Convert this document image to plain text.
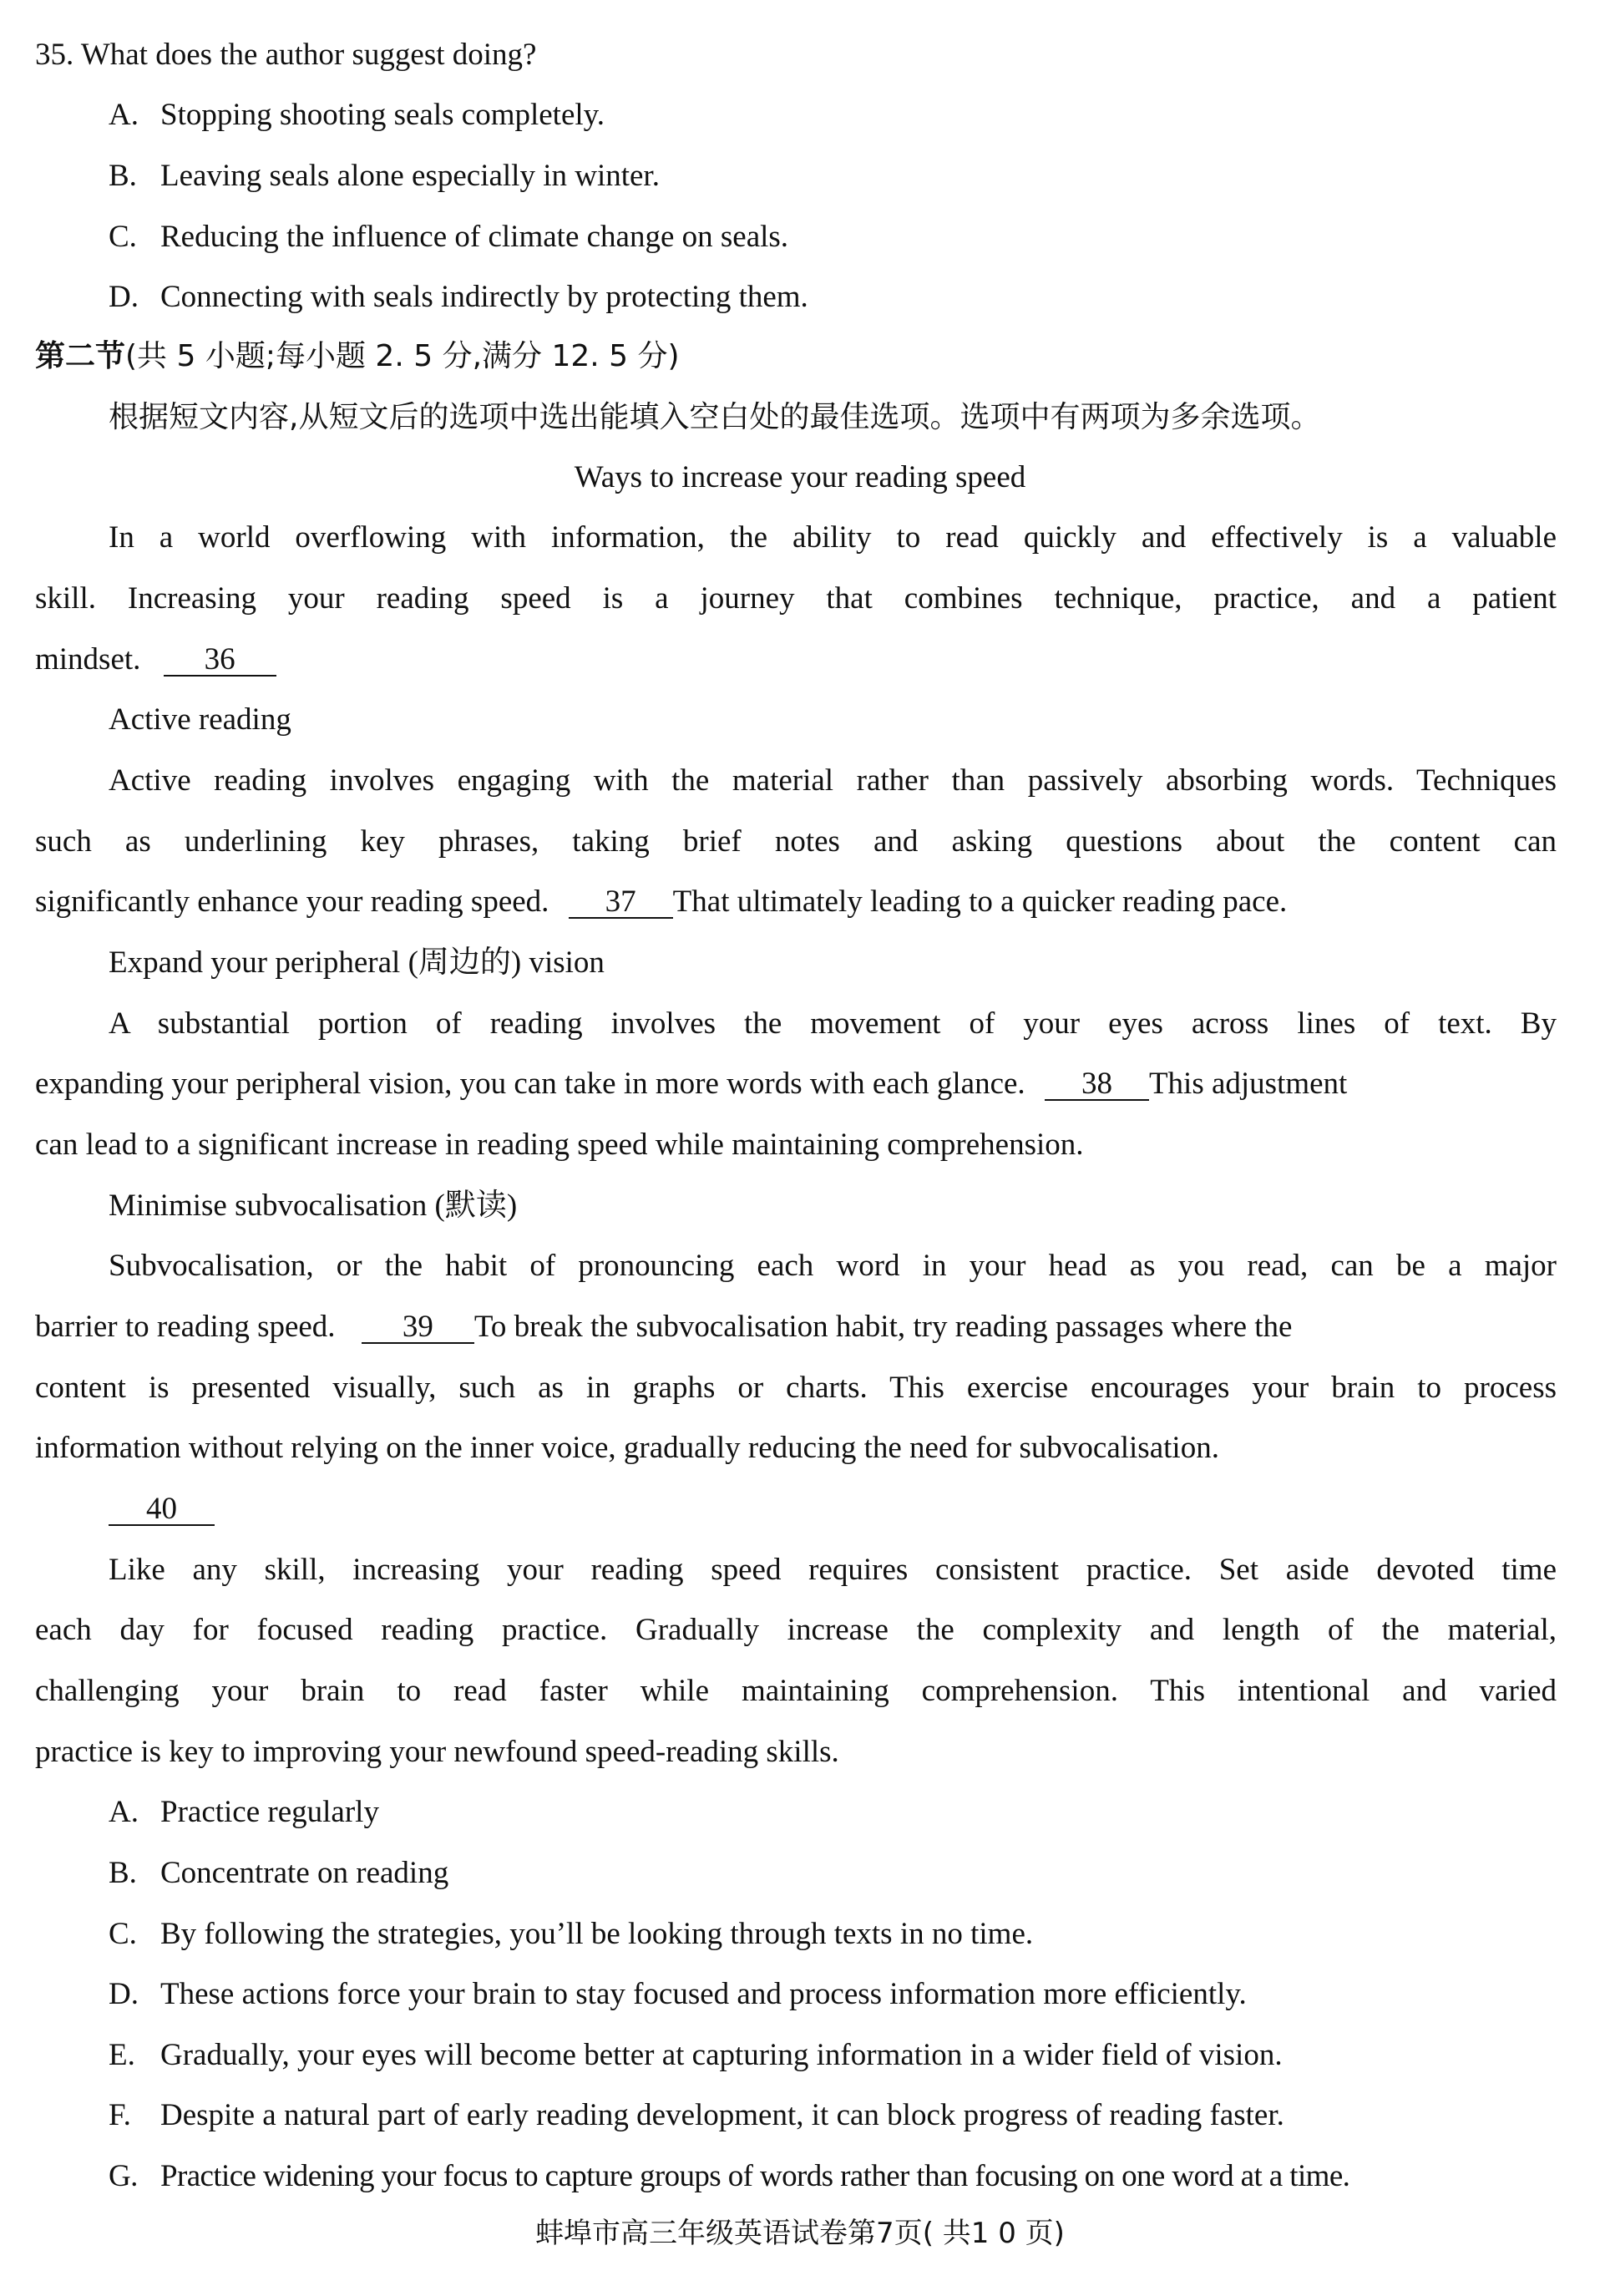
35. What does the author suggest doing?
A. Stopping shooting seals completely.
B. Leaving seals alone especially in winter.
C. Reducing the influence of climate change on seals.
D. Connecting with seals indirectly by protecting them.
第二节(共 5 小题;每小题 2. 5 分,满分 12. 5 分)
根据短文内容,从短文后的选项中选出能填入空白处的最佳选项。选项中有两项为多余选项。
Ways to increase your reading speed
In a world overflowing with information, the ability to read quickly and effectively is a valuable
skill. Increasing your reading speed is a journey that combines technique, practice, and a patient
mindset. 36
Active reading
Active reading involves engaging with the material rather than passively absorbing words. Techniques
such as underlining key phrases, taking brief notes and asking questions about the content can
significantly enhance your reading speed. 37 That ultimately leading to a quicker reading pace.
Expand your peripheral (周边的) vision
A substantial portion of reading involves the movement of your eyes across lines of text. By
expanding your peripheral vision, you can take in more words with each glance. 38 This adjustment
can lead to a significant increase in reading speed while maintaining comprehension.
Minimise subvocalisation (默读)
Subvocalisation, or the habit of pronouncing each word in your head as you read, can be a major
barrier to reading speed. 39 To break the subvocalisation habit, try reading passages where the
content is presented visually, such as in graphs or charts. This exercise encourages your brain to process
information without relying on the inner voice, gradually reducing the need for subvocalisation.
40
Like any skill, increasing your reading speed requires consistent practice. Set aside devoted time
each day for focused reading practice. Gradually increase the complexity and length of the material,
challenging your brain to read faster while maintaining comprehension. This intentional and varied
practice is key to improving your newfound speed-reading skills.
A. Practice regularly
B. Concentrate on reading
C. By following the strategies, you’ll be looking through texts in no time.
D. These actions force your brain to stay focused and process information more efficiently.
E. Gradually, your eyes will become better at capturing information in a wider field of vision.
F. Despite a natural part of early reading development, it can block progress of reading faster.
G. Practice widening your focus to capture groups of words rather than focusing on one word at a time.
蚌埠市高三年级英语试卷第7页( 共1 0 页)
